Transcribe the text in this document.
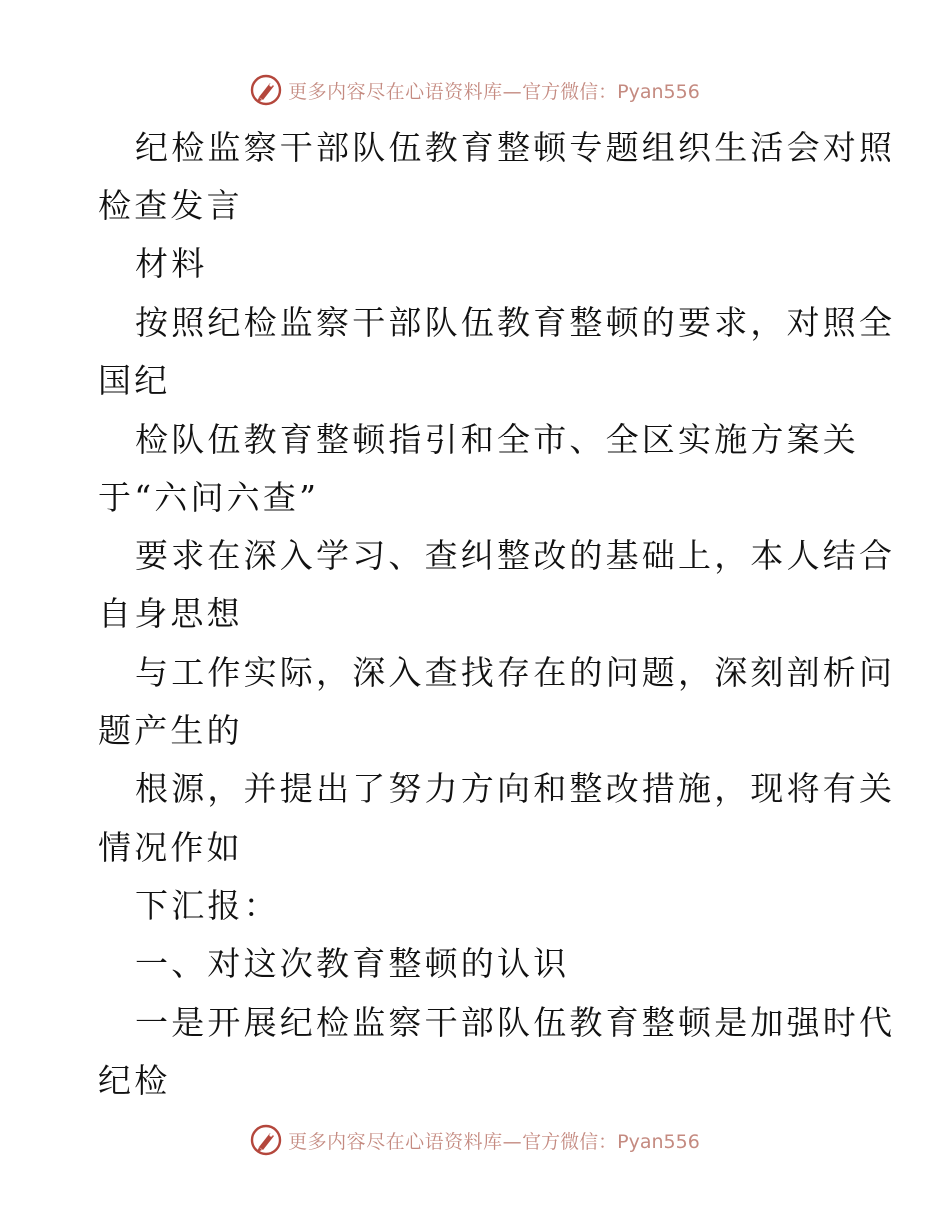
更多内容尽在心语资料库— 官方微信：Pyan556
纪检监察干部队伍教育整顿专题组织生活会对照
检查发言
材料
按照纪检监察干部队伍教育整顿的要求，对照全
国纪
检队伍教育整顿指引和全市、全区实施方案关
于“六问六查”
要求在深入学习、查纠整改的基础上，本人结合
自身思想
与工作实际，深入查找存在的问题，深刻剖析问
题产生的
根源，并提出了努力方向和整改措施，现将有关
情况作如
下汇报：
一、对这次教育整顿的认识
一是开展纪检监察干部队伍教育整顿是加强时代
纪检
更多内容尽在心语资料库— 官方微信：Pyan556
